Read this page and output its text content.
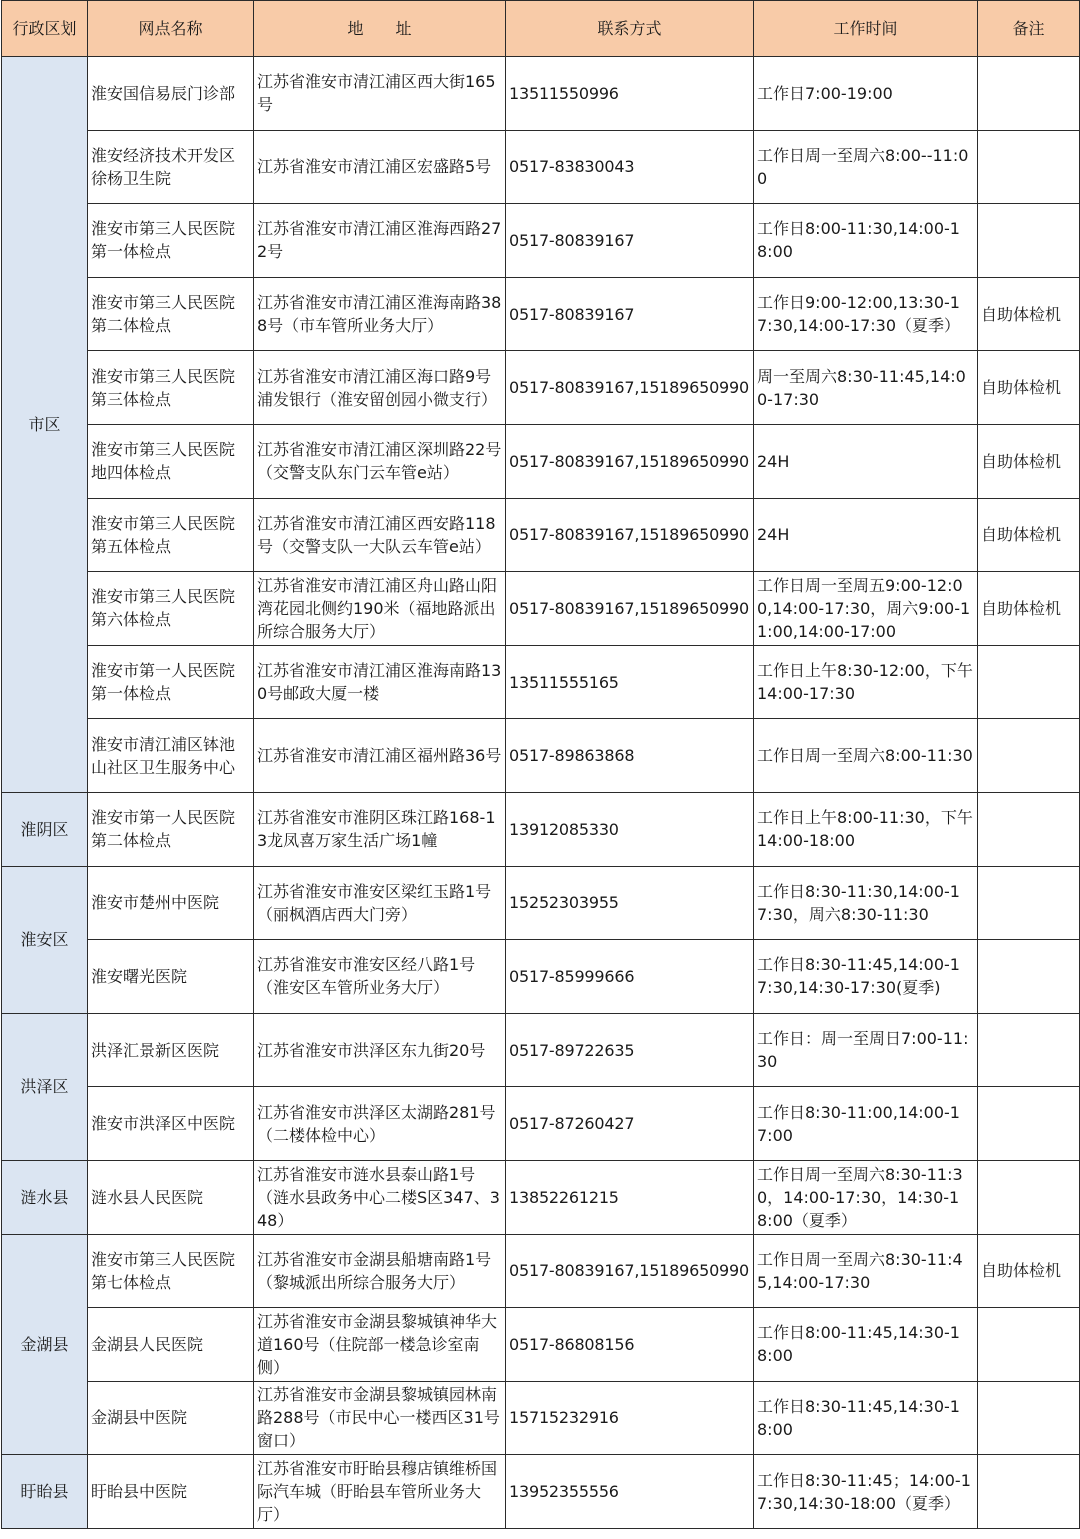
行政区划	网点名称	地　　址	联系方式	工作时间	备注
市区	淮安国信易辰门诊部	江苏省淮安市清江浦区西大街165号	13511550996	工作日7:00-19:00	
	淮安经济技术开发区徐杨卫生院	江苏省淮安市清江浦区宏盛路5号	0517-83830043	工作日周一至周六8:00--11:00	
	淮安市第三人民医院第一体检点	江苏省淮安市清江浦区淮海西路272号	0517-80839167	工作日8:00-11:30,14:00-18:00	
	淮安市第三人民医院第二体检点	江苏省淮安市清江浦区淮海南路388号（市车管所业务大厅）	0517-80839167	工作日9:00-12:00,13:30-17:30,14:00-17:30（夏季）	自助体检机
	淮安市第三人民医院第三体检点	江苏省淮安市清江浦区海口路9号浦发银行（淮安留创园小微支行）	0517-80839167,15189650990	周一至周六8:30-11:45,14:00-17:30	自助体检机
	淮安市第三人民医院地四体检点	江苏省淮安市清江浦区深圳路22号（交警支队东门云车管e站）	0517-80839167,15189650990	24H	自助体检机
	淮安市第三人民医院第五体检点	江苏省淮安市清江浦区西安路118号（交警支队一大队云车管e站）	0517-80839167,15189650990	24H	自助体检机
	淮安市第三人民医院第六体检点	江苏省淮安市清江浦区舟山路山阳湾花园北侧约190米（福地路派出所综合服务大厅）	0517-80839167,15189650990	工作日周一至周五9:00-12:00,14:00-17:30，周六9:00-11:00,14:00-17:00	自助体检机
	淮安市第一人民医院第一体检点	江苏省淮安市清江浦区淮海南路130号邮政大厦一楼	13511555165	工作日上午8:30-12:00，下午14:00-17:30	
	淮安市清江浦区钵池山社区卫生服务中心	江苏省淮安市清江浦区福州路36号	0517-89863868	工作日周一至周六8:00-11:30	
淮阴区	淮安市第一人民医院第二体检点	江苏省淮安市淮阴区珠江路168-13龙凤喜万家生活广场1幢	13912085330	工作日上午8:00-11:30，下午14:00-18:00	
淮安区	淮安市楚州中医院	江苏省淮安市淮安区梁红玉路1号（丽枫酒店西大门旁）	15252303955	工作日8:30-11:30,14:00-17:30，周六8:30-11:30	
	淮安曙光医院	江苏省淮安市淮安区经八路1号（淮安区车管所业务大厅）	0517-85999666	工作日8:30-11:45,14:00-17:30,14:30-17:30(夏季)	
洪泽区	洪泽汇景新区医院	江苏省淮安市洪泽区东九街20号	0517-89722635	工作日：周一至周日7:00-11:30	
	淮安市洪泽区中医院	江苏省淮安市洪泽区太湖路281号（二楼体检中心）	0517-87260427	工作日8:30-11:00,14:00-17:00	
涟水县	涟水县人民医院	江苏省淮安市涟水县泰山路1号（涟水县政务中心二楼S区347、348）	13852261215	工作日周一至周六8:30-11:30，14:00-17:30，14:30-18:00（夏季）	
金湖县	淮安市第三人民医院第七体检点	江苏省淮安市金湖县船塘南路1号（黎城派出所综合服务大厅）	0517-80839167,15189650990	工作日周一至周六8:30-11:45,14:00-17:30	自助体检机
	金湖县人民医院	江苏省淮安市金湖县黎城镇神华大道160号（住院部一楼急诊室南侧）	0517-86808156	工作日8:00-11:45,14:30-18:00	
	金湖县中医院	江苏省淮安市金湖县黎城镇园林南路288号（市民中心一楼西区31号窗口）	15715232916	工作日8:30-11:45,14:30-18:00	
盱眙县	盱眙县中医院	江苏省淮安市盱眙县穆店镇维桥国际汽车城（盱眙县车管所业务大厅）	13952355556	工作日8:30-11:45；14:00-17:30,14:30-18:00（夏季）	
